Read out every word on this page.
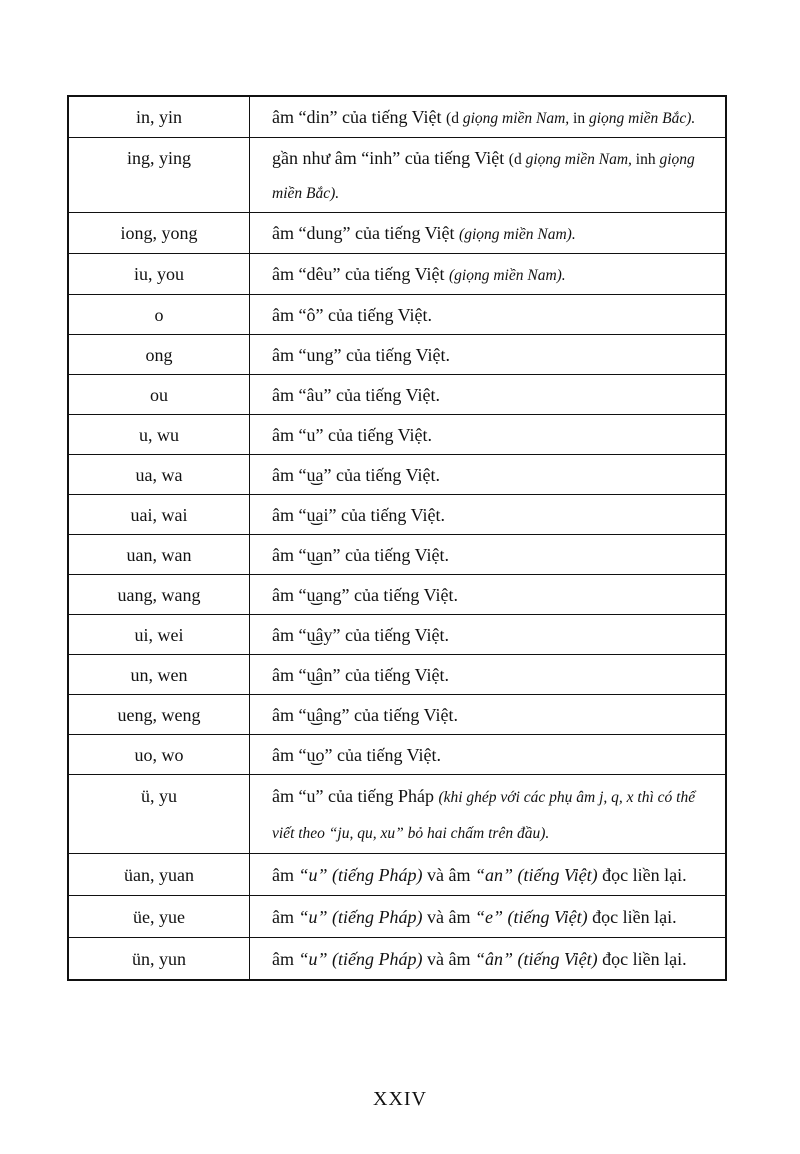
in, yin	âm “din” của tiếng Việt (d giọng miền Nam, in giọng miền Bắc).
ing, ying	gần như âm “inh” của tiếng Việt (d giọng miền Nam, inh giọng miền Bắc).
iong, yong	âm “dung” của tiếng Việt (giọng miền Nam).
iu, you	âm “dêu” của tiếng Việt (giọng miền Nam).
o	âm “ô” của tiếng Việt.
ong	âm “ung” của tiếng Việt.
ou	âm “âu” của tiếng Việt.
u, wu	âm “u” của tiếng Việt.
ua, wa	âm “u͜a” của tiếng Việt.
uai, wai	âm “u͜ai” của tiếng Việt.
uan, wan	âm “u͜an” của tiếng Việt.
uang, wang	âm “u͜ang” của tiếng Việt.
ui, wei	âm “u͜ây” của tiếng Việt.
un, wen	âm “u͜ân” của tiếng Việt.
ueng, weng	âm “u͜âng” của tiếng Việt.
uo, wo	âm “u͜o” của tiếng Việt.
ü, yu	âm “u” của tiếng Pháp (khi ghép với các phụ âm j, q, x thì có thể viết theo “ju, qu, xu” bỏ hai chấm trên đầu).
üan, yuan	âm “u” (tiếng Pháp) và âm “an” (tiếng Việt) đọc liền lại.
üe, yue	âm “u” (tiếng Pháp) và âm “e” (tiếng Việt) đọc liền lại.
ün, yun	âm “u” (tiếng Pháp) và âm “ân” (tiếng Việt) đọc liền lại.
XXIV
